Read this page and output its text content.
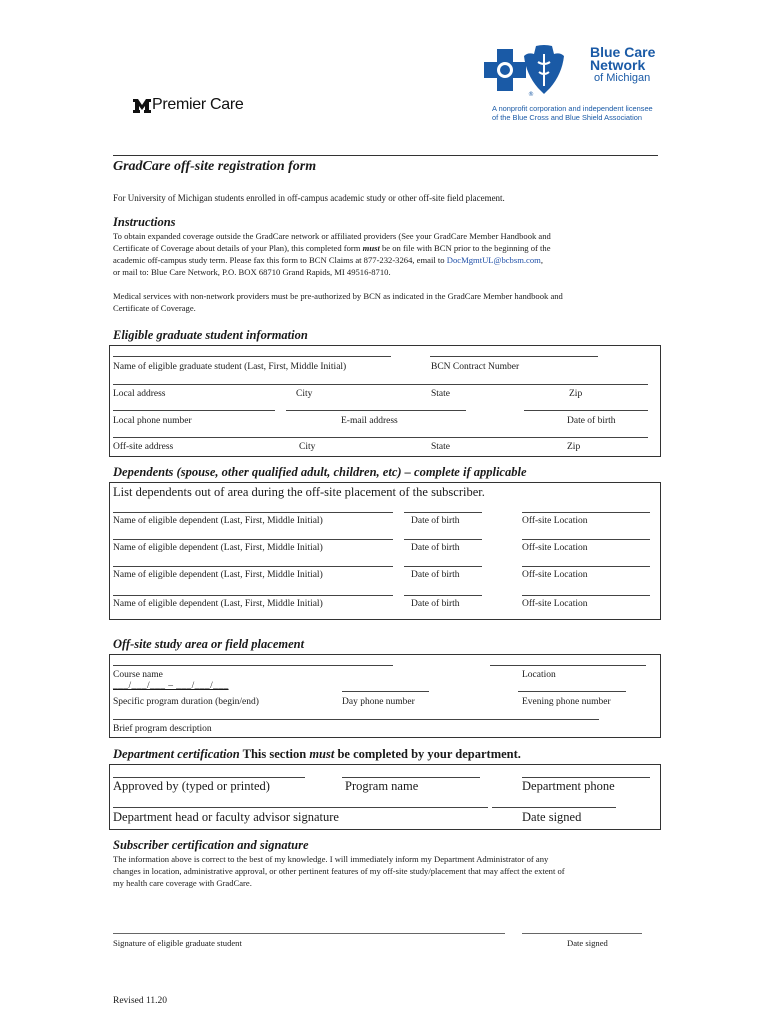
Premier Care
®
Blue Care
Network
of Michigan
A nonprofit corporation and independent licensee
of the Blue Cross and Blue Shield Association
GradCare off-site registration form
For University of Michigan students enrolled in off-campus academic study or other off-site field placement.
Instructions
To obtain expanded coverage outside the GradCare network or affiliated providers (See your GradCare Member Handbook and
Certificate of Coverage about details of your Plan), this completed form must be on file with BCN prior to the beginning of the
academic off-campus study term. Please fax this form to BCN Claims at 877-232-3264, email to DocMgmtUL@bcbsm.com,
or mail to: Blue Care Network, P.O. BOX 68710 Grand Rapids, MI 49516-8710.
Medical services with non-network providers must be pre-authorized by BCN as indicated in the GradCare Member handbook and
Certificate of Coverage.
Eligible graduate student information
Name of eligible graduate student (Last, First, Middle Initial)	BCN Contract Number
Local address	City	State	Zip
Local phone number	E-mail address	Date of birth
Off-site address	City	State	Zip
Dependents (spouse, other qualified adult, children, etc) – complete if applicable
List dependents out of area during the off-site placement of the subscriber.
Name of eligible dependent (Last, First, Middle Initial)	Date of birth	Off-site Location
Name of eligible dependent (Last, First, Middle Initial)	Date of birth	Off-site Location
Name of eligible dependent (Last, First, Middle Initial)	Date of birth	Off-site Location
Name of eligible dependent (Last, First, Middle Initial)	Date of birth	Off-site Location
Off-site study area or field placement
Course name	Location
___/___/___ – ___/___/___
Specific program duration (begin/end)	Day phone number	Evening phone number
Brief program description
Department certification This section must be completed by your department.
Approved by (typed or printed)	Program name	Department phone
Department head or faculty advisor signature	Date signed
Subscriber certification and signature
The information above is correct to the best of my knowledge. I will immediately inform my Department Administrator of any
changes in location, administrative approval, or other pertinent features of my off-site study/placement that may affect the extent of
my health care coverage with GradCare.
Signature of eligible graduate student	Date signed
Revised 11.20
